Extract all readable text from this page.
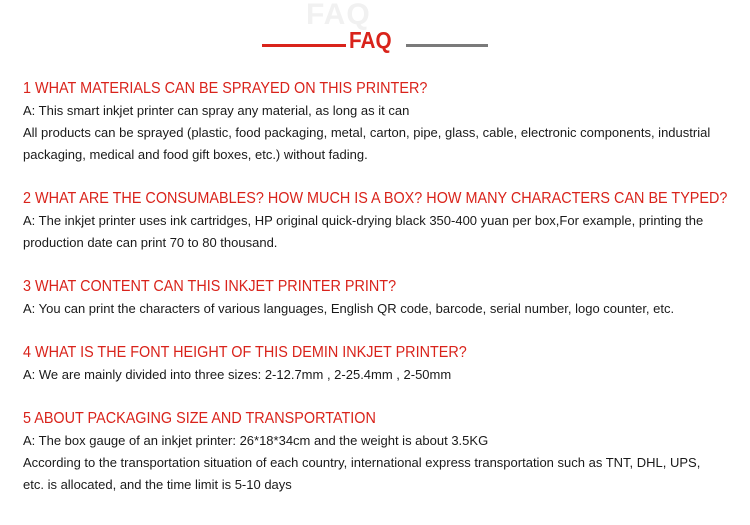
FAQ
FAQ
1 WHAT MATERIALS CAN BE SPRAYED ON THIS PRINTER?
A: This smart inkjet printer can spray any material, as long as it can
All products can be sprayed (plastic, food packaging, metal, carton, pipe, glass, cable, electronic components, industrial
packaging, medical and food gift boxes, etc.) without fading.
2 WHAT ARE THE CONSUMABLES? HOW MUCH IS A BOX? HOW MANY CHARACTERS CAN BE TYPED?
A: The inkjet printer uses ink cartridges, HP original quick-drying black 350-400 yuan per box,For example, printing the
production date can print 70 to 80 thousand.
3 WHAT CONTENT CAN THIS INKJET PRINTER PRINT?
A: You can print the characters of various languages, English QR code, barcode, serial number, logo counter, etc.
4 WHAT IS THE FONT HEIGHT OF THIS DEMIN INKJET PRINTER?
A: We are mainly divided into three sizes: 2-12.7mm , 2-25.4mm , 2-50mm
5 ABOUT PACKAGING SIZE AND TRANSPORTATION
A: The box gauge of an inkjet printer: 26*18*34cm and the weight is about 3.5KG
According to the transportation situation of each country, international express transportation such as TNT, DHL, UPS,
etc. is allocated, and the time limit is 5-10 days
